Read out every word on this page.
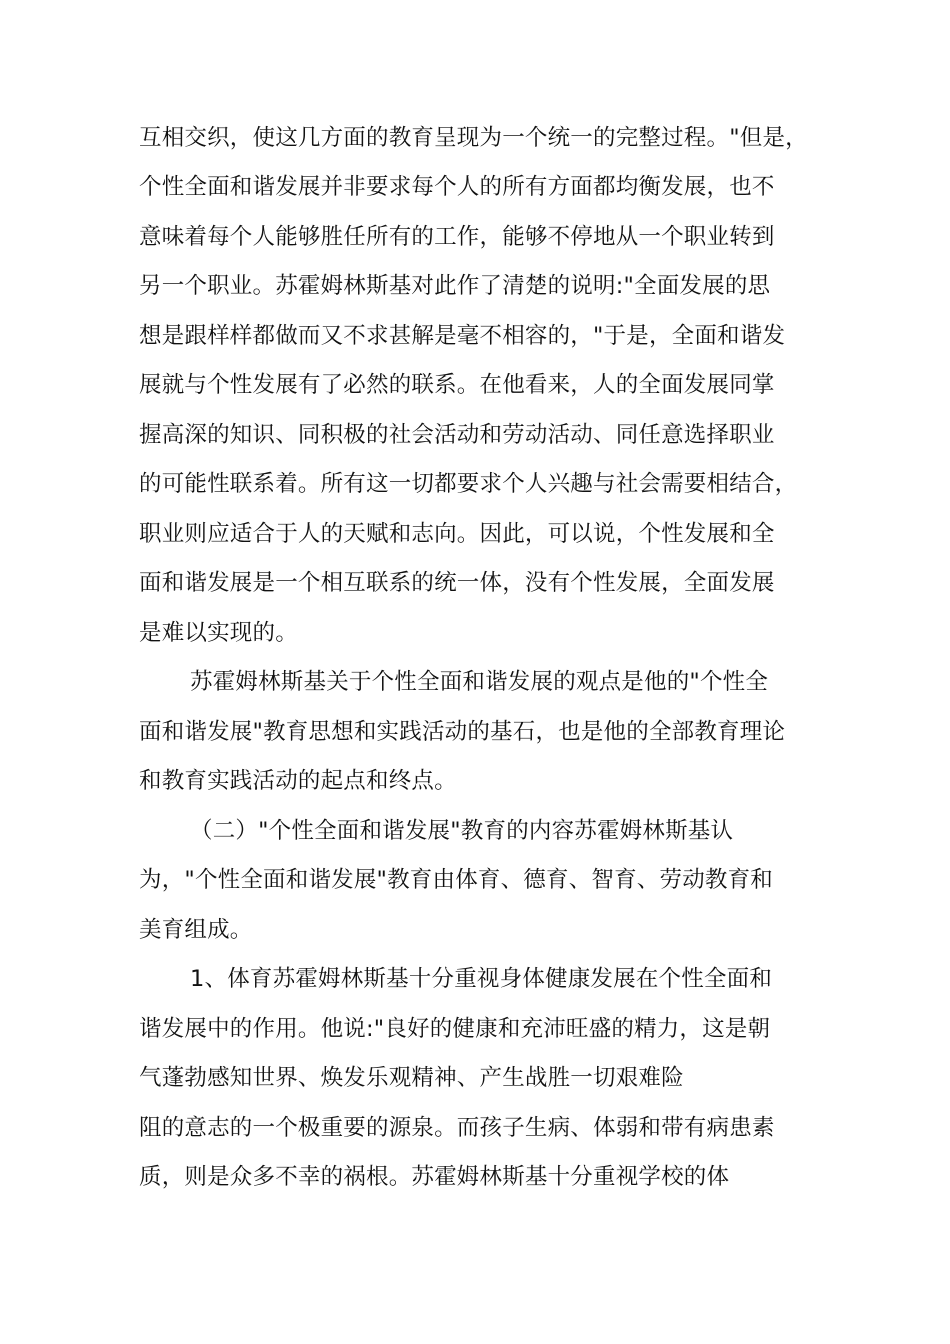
互相交织，使这几方面的教育呈现为一个统一的完整过程。"但是，

个性全面和谐发展并非要求每个人的所有方面都均衡发展，也不

意味着每个人能够胜任所有的工作，能够不停地从一个职业转到

另一个职业。苏霍姆林斯基对此作了清楚的说明:"全面发展的思

想是跟样样都做而又不求甚解是毫不相容的，"于是，全面和谐发

展就与个性发展有了必然的联系。在他看来，人的全面发展同掌

握高深的知识、同积极的社会活动和劳动活动、同任意选择职业

的可能性联系着。所有这一切都要求个人兴趣与社会需要相结合，

职业则应适合于人的天赋和志向。因此，可以说，个性发展和全

面和谐发展是一个相互联系的统一体，没有个性发展，全面发展

是难以实现的。

苏霍姆林斯基关于个性全面和谐发展的观点是他的"个性全

面和谐发展"教育思想和实践活动的基石，也是他的全部教育理论

和教育实践活动的起点和终点。

（二）"个性全面和谐发展"教育的内容苏霍姆林斯基认

为，"个性全面和谐发展"教育由体育、德育、智育、劳动教育和

美育组成。

1、体育苏霍姆林斯基十分重视身体健康发展在个性全面和

谐发展中的作用。他说:"良好的健康和充沛旺盛的精力，这是朝

气蓬勃感知世界、焕发乐观精神、产生战胜一切艰难险

阻的意志的一个极重要的源泉。而孩子生病、体弱和带有病患素

质，则是众多不幸的祸根。苏霍姆林斯基十分重视学校的体
